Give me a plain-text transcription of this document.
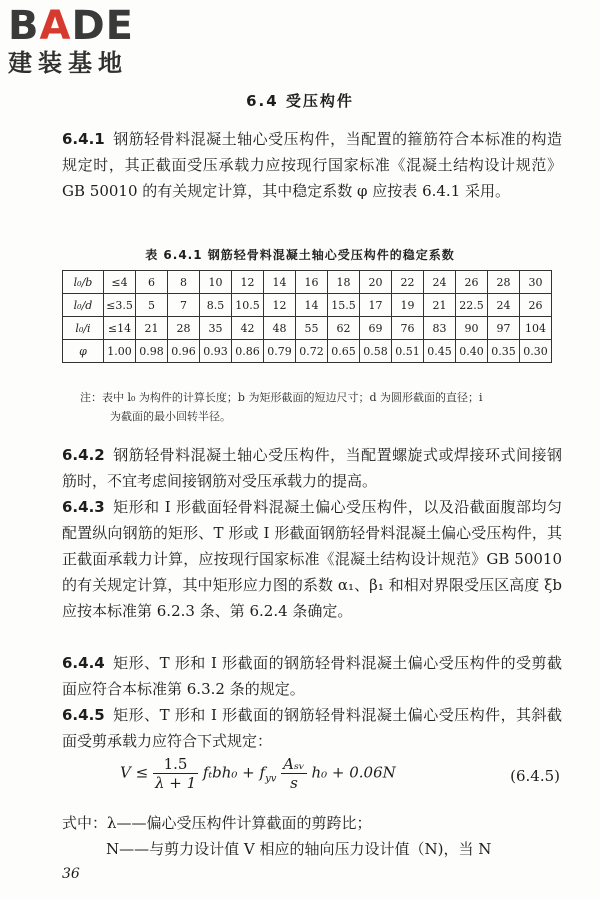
BADE
建装基地
6.4 受压构件
6.4.1 钢筋轻骨料混凝土轴心受压构件，当配置的箍筋符合本标准的构造规定时，其正截面受压承载力应按现行国家标准《混凝土结构设计规范》GB 50010 的有关规定计算，其中稳定系数 φ 应按表 6.4.1 采用。
表 6.4.1 钢筋轻骨料混凝土轴心受压构件的稳定系数
l₀/b	≤4	6	8	10	12	14	16	18	20	22	24	26	28	30
l₀/d	≤3.5	5	7	8.5	10.5	12	14	15.5	17	19	21	22.5	24	26
l₀/i	≤14	21	28	35	42	48	55	62	69	76	83	90	97	104
φ	1.00	0.98	0.96	0.93	0.86	0.79	0.72	0.65	0.58	0.51	0.45	0.40	0.35	0.30
注：表中 l₀ 为构件的计算长度；b 为矩形截面的短边尺寸；d 为圆形截面的直径；i
为截面的最小回转半径。
6.4.2 钢筋轻骨料混凝土轴心受压构件，当配置螺旋式或焊接环式间接钢筋时，不宜考虑间接钢筋对受压承载力的提高。
6.4.3 矩形和 I 形截面轻骨料混凝土偏心受压构件，以及沿截面腹部均匀配置纵向钢筋的矩形、T 形或 I 形截面钢筋轻骨料混凝土偏心受压构件，其正截面承载力计算，应按现行国家标准《混凝土结构设计规范》GB 50010 的有关规定计算，其中矩形应力图的系数 α₁、β₁ 和相对界限受压区高度 ξb 应按本标准第 6.2.3 条、第 6.2.4 条确定。
6.4.4 矩形、T 形和 I 形截面的钢筋轻骨料混凝土偏心受压构件的受剪截面应符合本标准第 6.3.2 条的规定。
6.4.5 矩形、T 形和 I 形截面的钢筋轻骨料混凝土偏心受压构件，其斜截面受剪承载力应符合下式规定：
$V \le \frac{1.5}{\lambda + 1} f_tbh_0 + f_{yv} \frac{\text{Aₛᵥ}}{s} h_0 + 0.06N$	(6.4.5)
式中：λ——偏心受压构件计算截面的剪跨比；
N——与剪力设计值 V 相应的轴向压力设计值（N)，当 N
36
